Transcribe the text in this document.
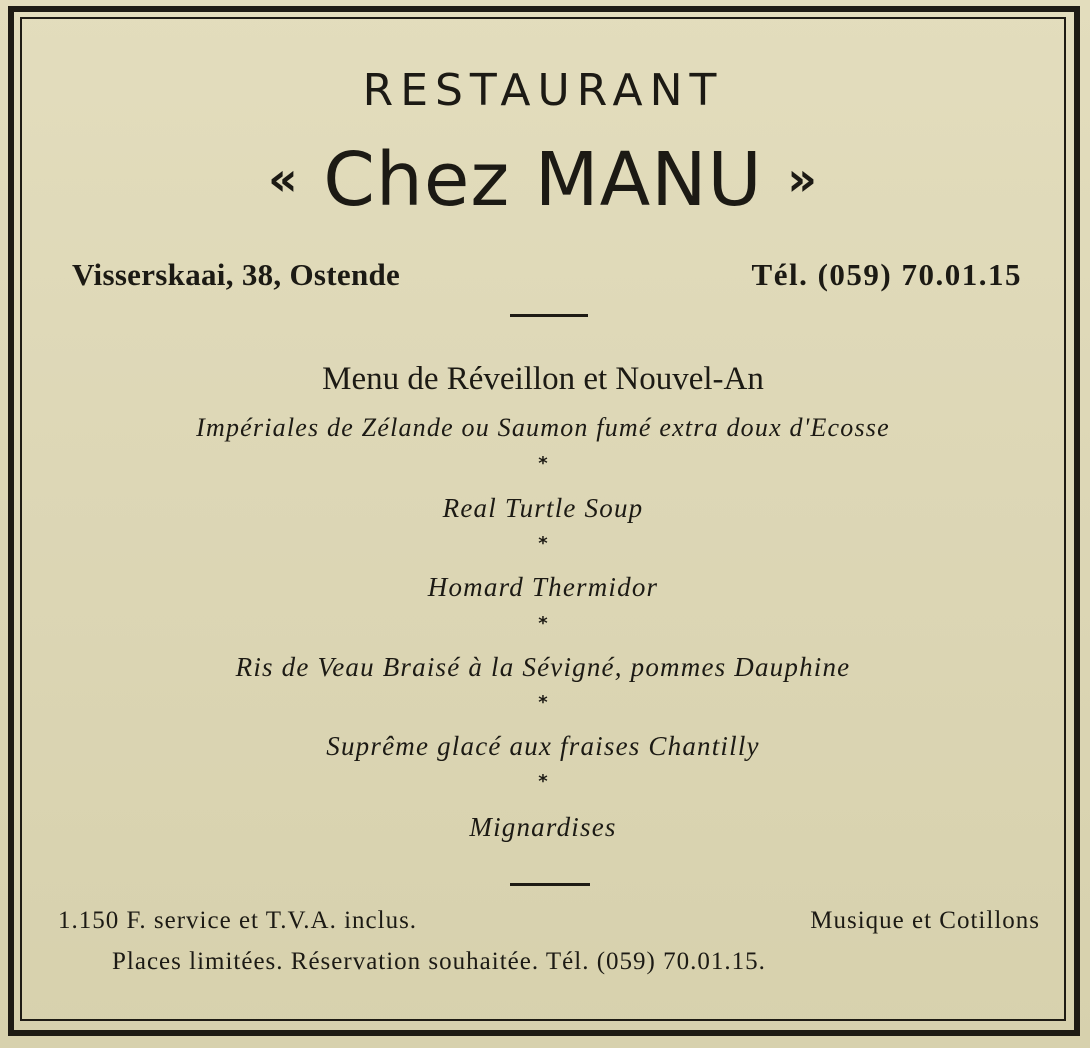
RESTAURANT
« Chez MANU »
Visserskaai, 38, Ostende	Tél. (059) 70.01.15
Menu de Réveillon et Nouvel-An
Impériales de Zélande ou Saumon fumé extra doux d'Ecosse
*
Real Turtle Soup
*
Homard Thermidor
*
Ris de Veau Braisé à la Sévigné, pommes Dauphine
*
Suprême glacé aux fraises Chantilly
*
Mignardises
1.150 F. service et T.V.A. inclus.	Musique et Cotillons
Places limitées. Réservation souhaitée. Tél. (059) 70.01.15.
